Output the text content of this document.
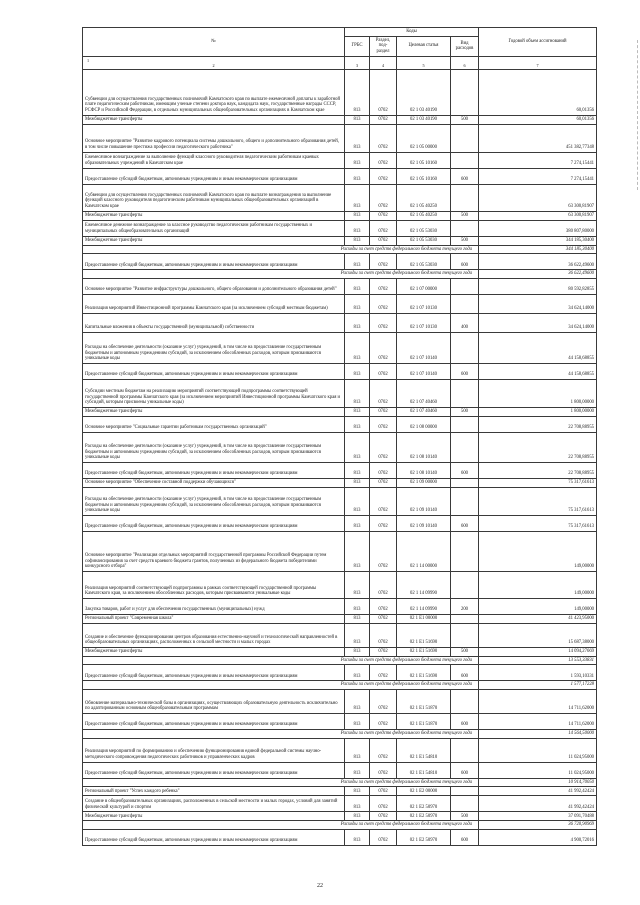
№	Коды				Годовой объем ассигнований
	ГРБС	Раздел, под- раздел	Целевая статья	Вид расходов	

1
2	3	4	5	6	7
Субвенции для осуществления государственных полномочий Камчатского края по выплате ежемесячной доплаты к заработной плате педагогическим работникам, имеющим ученые степени доктора наук, кандидата наук, государственные награды СССР, РСФСР и Российской Федерации, в отдельных муниципальных общеобразовательных организациях в Камчатском крае	813	0702	02 1 03 40190		60,01356
Межбюджетные трансферты	813	0702	02 1 03 40190	500	60,01356
Основное мероприятие "Развитие кадрового потенциала системы дошкольного, общего и дополнительного образования детей, в том числе повышение престижа профессии педагогического работника"	813	0702	02 1 05 00000		451 382,77348
Ежемесячное вознаграждение за выполнение функций классного руководителя педагогическим работникам краевых образовательных учреждений в Камчатском крае	813	0702	02 1 05 10160		7 274,15441
Предоставление субсидий бюджетным, автономным учреждениям и иным некоммерческим организациям	813	0702	02 1 05 10160	600	7 274,15441
Субвенции для осуществления государственных полномочий Камчатского края по выплате вознаграждения за выполнение функций классного руководителя педагогическим работникам муниципальных общеобразовательных организаций в Камчатском крае	813	0702	02 1 05 40250		63 300,81907
Межбюджетные трансферты	813	0702	02 1 05 40250	500	63 300,81907
Ежемесячное денежное вознаграждение за классное руководство педагогическим работникам государственных и муниципальных общеобразовательных организаций	813	0702	02 1 05 53030		380 807,80000
Межбюджетные трансферты	813	0702	02 1 05 53030	500	344 185,30400
Расходы за счет средств федерального бюджета текущего года					344 185,30400
Предоставление субсидий бюджетным, автономным учреждениям и иным некоммерческим организациям	813	0702	02 1 05 53030	600	36 622,49600
Расходы за счет средств федерального бюджета текущего года					36 622,49600
Основное мероприятие "Развитие инфраструктуры дошкольного, общего образования и дополнительного образования детей"	813	0702	02 1 07 00000		80 592,82855
Реализация мероприятий Инвестиционной программы Камчатского края (за исключением субсидий местным бюджетам)	813	0702	02 1 07 10130		34 624,14000
Капитальные вложения в объекты государственной (муниципальной) собственности	813	0702	02 1 07 10130	400	34 624,14000
Расходы на обеспечение деятельности (оказание услуг) учреждений, в том числе на предоставление государственным бюджетным и автономным учреждениям субсидий, за исключением обособленных расходов, которым присваиваются уникальные коды	813	0702	02 1 07 10140		44 158,68855
Предоставление субсидий бюджетным, автономным учреждениям и иным некоммерческим организациям	813	0702	02 1 07 10140	600	44 158,68855
Субсидии местным бюджетам на реализацию мероприятий соответствующей подпрограммы соответствующей государственной программы Камчатского края (за исключением мероприятий Инвестиционной программы Камчатского края и субсидий, которым присвоены уникальные коды)	813	0702	02 1 07 40460		1 800,00000
Межбюджетные трансферты	813	0702	02 1 07 40460	500	1 800,00000
Основное мероприятие "Социальные гарантии работникам государственных организаций"	813	0702	02 1 08 00000		22 708,88955
Расходы на обеспечение деятельности (оказание услуг) учреждений, в том числе на предоставление государственным бюджетным и автономным учреждениям субсидий, за исключением обособленных расходов, которым присваиваются уникальные коды	813	0702	02 1 08 10140		22 708,88955
Предоставление субсидий бюджетным, автономным учреждениям и иным некоммерческим организациям	813	0702	02 1 08 10140	600	22 708,88955
Основное мероприятие "Обеспечение составной поддержки обучающихся"	813	0702	02 1 09 00000		75 317,61613
Расходы на обеспечение деятельности (оказание услуг) учреждений, в том числе на предоставление государственным бюджетным и автономным учреждениям субсидий, за исключением обособленных расходов, которым присваиваются уникальные коды	813	0702	02 1 09 10140		75 317,61613
Предоставление субсидий бюджетным, автономным учреждениям и иным некоммерческим организациям	813	0702	02 1 09 10140	600	75 317,61613
Основное мероприятие "Реализация отдельных мероприятий государственной программы Российской Федерации путем софинансирования за счет средств краевого бюджета грантов, полученных из федерального бюджета победителями конкурсного отбора"	813	0702	02 1 14 00000		149,00000
Реализация мероприятий соответствующей подпрограммы в рамках соответствующей государственной программы Камчатского края, за исключением обособленных расходов, которым присваиваются уникальные коды	813	0702	02 1 14 09990		149,00000
Закупка товаров, работ и услуг для обеспечения государственных (муниципальных) нужд	813	0702	02 1 14 09990	200	149,00000
Региональный проект "Современная школа"	813	0702	02 1 E1 00000		41 423,95000
Создание и обеспечение функционирования центров образования естественно-научной и технологической направленностей в общеобразовательных организациях, расположенных в сельской местности и малых городах	813	0702	02 1 E1 51690		15 687,38000
Межбюджетные трансферты	813	0702	02 1 E1 51690	500	14 094,27669
Расходы за счет средств федерального бюджета текущего года					13 553,33831
Предоставление субсидий бюджетным, автономным учреждениям и иным некоммерческим организациям	813	0702	02 1 E1 51690	600	1 593,10331
Расходы за счет средств федерального бюджета текущего года					1 577,17228
Обновление материально-технической базы в организациях, осуществляющих образовательную деятельность исключительно по адаптированным основным общеобразовательным программам	813	0702	02 1 E1 51870		14 711,62000
Предоставление субсидий бюджетным, автономным учреждениям и иным некоммерческим организациям	813	0702	02 1 E1 51870	600	14 711,62000
Расходы за счет средств федерального бюджета текущего года					14 564,50000
Реализация мероприятий по формированию и обеспечению функционирования единой федеральной системы научно-методического сопровождения педагогических работников и управленческих кадров	813	0702	02 1 E1 54810		11 024,95000
Предоставление субсидий бюджетным, автономным учреждениям и иным некоммерческим организациям	813	0702	02 1 E1 54810	600	11 024,95000
Расходы за счет средств федерального бюджета текущего года					10 914,70050
Региональный проект "Успех каждого ребенка"	813	0702	02 1 E2 00000		41 992,42424
Создание в общеобразовательных организациях, расположенных в сельской местности и малых городах, условий для занятий физической культурой и спортом	813	0702	02 1 E2 50970		41 992,42424
Межбюджетные трансферты	813	0702	02 1 E2 50970	500	37 091,70488
Расходы за счет средств федерального бюджета текущего года					36 720,90969
Предоставление субсидий бюджетным, автономным учреждениям и иным некоммерческим организациям	813	0702	02 1 E2 50970	600	4 900,72016
22
